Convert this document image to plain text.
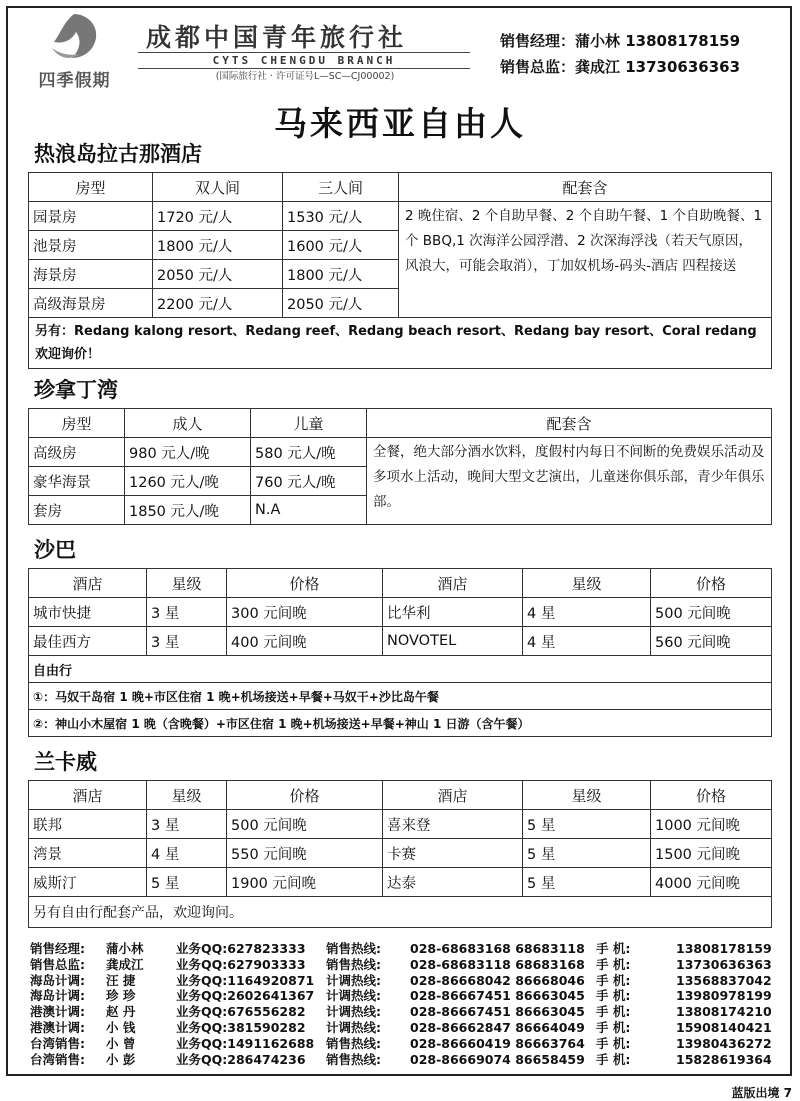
四季假期
成都中国青年旅行社
CYTS CHENGDU BRANCH
(国际旅行社 · 许可证号L—SC—CJ00002)
销售经理：蒲小林 13808178159
销售总监：龚成江 13730636363
马来西亚自由人
热浪岛拉古那酒店
房型	双人间	三人间	配套含
园景房	1720 元/人	1530 元/人	2 晚住宿、2 个自助早餐、2 个自助午餐、1 个自助晚餐、1 个 BBQ,1 次海洋公园浮潜、2 次深海浮浅（若天气原因，风浪大，可能会取消），丁加奴机场-码头-酒店 四程接送
池景房	1800 元/人	1600 元/人	
海景房	2050 元/人	1800 元/人	
高级海景房	2200 元/人	2050 元/人	
另有：Redang kalong resort、Redang reef、Redang beach resort、Redang bay resort、Coral redang 欢迎询价！			
珍拿丁湾
房型	成人	儿童	配套含
高级房	980 元人/晚	580 元人/晚	全餐，绝大部分酒水饮料，度假村内每日不间断的免费娱乐活动及多项水上活动，晚间大型文艺演出，儿童迷你俱乐部，青少年俱乐部。
豪华海景	1260 元人/晚	760 元人/晚	
套房	1850 元人/晚	N.A	
沙巴
酒店	星级	价格	酒店	星级	价格
城市快捷	3 星	300 元间晚	比华利	4 星	500 元间晚
最佳西方	3 星	400 元间晚	NOVOTEL	4 星	560 元间晚
自由行					
①：马奴干岛宿 1 晚+市区住宿 1 晚+机场接送+早餐+马奴干+沙比岛午餐					
②：神山小木屋宿 1 晚（含晚餐）+市区住宿 1 晚+机场接送+早餐+神山 1 日游（含午餐）					
兰卡威
酒店	星级	价格	酒店	星级	价格
联邦	3 星	500 元间晚	喜来登	5 星	1000 元间晚
湾景	4 星	550 元间晚	卡赛	5 星	1500 元间晚
威斯汀	5 星	1900 元间晚	达泰	5 星	4000 元间晚
另有自由行配套产品，欢迎询问。					
销售经理: 蒲小林	业务QQ:627823333 销售热线: 028-68683168 68683118 手 机:	13808178159
销售总监: 龚成江	业务QQ:627903333 销售热线: 028-68683118 68683168 手 机:	13730636363
海岛计调: 汪 捷	业务QQ:1164920871 计调热线: 028-86668042 86668046 手 机:	13568837042
海岛计调: 珍 珍	业务QQ:2602641367 计调热线: 028-86667451 86663045 手 机:	13980978199
港澳计调: 赵 丹	业务QQ:676556282 计调热线: 028-86667451 86663045 手 机:	13808174210
港澳计调: 小 钱	业务QQ:381590282 计调热线: 028-86662847 86664049 手 机:	15908140421
台湾销售: 小 曾	业务QQ:1491162688 销售热线: 028-86660419 86663764 手 机:	13980436272
台湾销售: 小 彭	业务QQ:286474236 销售热线: 028-86669074 86658459 手 机:	15828619364
蓝版出境 7
